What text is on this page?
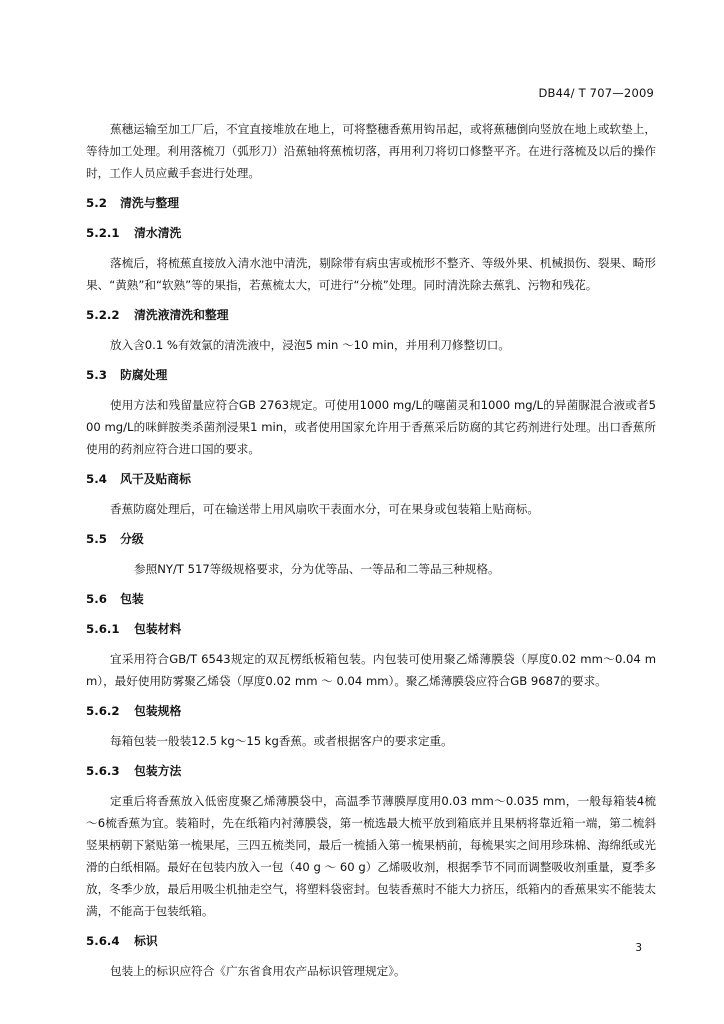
DB44/ T 707—2009

蕉穗运输至加工厂后，不宜直接堆放在地上，可将整穗香蕉用钩吊起，或将蕉穗倒向竖放在地上或软垫上，等待加工处理。利用落梳刀（弧形刀）沿蕉轴将蕉梳切落，再用利刀将切口修整平齐。在进行落梳及以后的操作时，工作人员应戴手套进行处理。

5.2 清洗与整理
5.2.1 清水清洗

落梳后，将梳蕉直接放入清水池中清洗，剔除带有病虫害或梳形不整齐、等级外果、机械损伤、裂果、畸形果、“黄熟”和“软熟”等的果指，若蕉梳太大，可进行“分梳”处理。同时清洗除去蕉乳、污物和残花。

5.2.2 清洗液清洗和整理

放入含0.1 %有效氯的清洗液中，浸泡5 min ～10 min，并用利刀修整切口。

5.3 防腐处理

使用方法和残留量应符合GB 2763规定。可使用1000 mg/L的噻菌灵和1000 mg/L的异菌脲混合液或者500 mg/L的咪鲜胺类杀菌剂浸果1 min，或者使用国家允许用于香蕉采后防腐的其它药剂进行处理。出口香蕉所使用的药剂应符合进口国的要求。

5.4 风干及贴商标

香蕉防腐处理后，可在输送带上用风扇吹干表面水分，可在果身或包装箱上贴商标。

5.5 分级

参照NY/T 517等级规格要求，分为优等品、一等品和二等品三种规格。

5.6 包装
5.6.1 包装材料

宜采用符合GB/T 6543规定的双瓦楞纸板箱包装。内包装可使用聚乙烯薄膜袋（厚度0.02 mm～0.04 mm），最好使用防雾聚乙烯袋（厚度0.02 mm ～ 0.04 mm）。聚乙烯薄膜袋应符合GB 9687的要求。

5.6.2 包装规格

每箱包装一般装12.5 kg～15 kg香蕉。或者根据客户的要求定重。

5.6.3 包装方法

定重后将香蕉放入低密度聚乙烯薄膜袋中，高温季节薄膜厚度用0.03 mm～0.035 mm，一般每箱装4梳～6梳香蕉为宜。装箱时，先在纸箱内衬薄膜袋，第一梳选最大梳平放到箱底并且果柄将靠近箱一端，第二梳斜竖果柄朝下紧贴第一梳果尾，三四五梳类同，最后一梳插入第一梳果柄前，每梳果实之间用珍珠棉、海绵纸或光滑的白纸相隔。最好在包装内放入一包（40 g ～ 60 g）乙烯吸收剂，根据季节不同而调整吸收剂重量，夏季多放，冬季少放，最后用吸尘机抽走空气，将塑料袋密封。包装香蕉时不能大力挤压，纸箱内的香蕉果实不能装太满，不能高于包装纸箱。

5.6.4 标识

包装上的标识应符合《广东省食用农产品标识管理规定》。

3
